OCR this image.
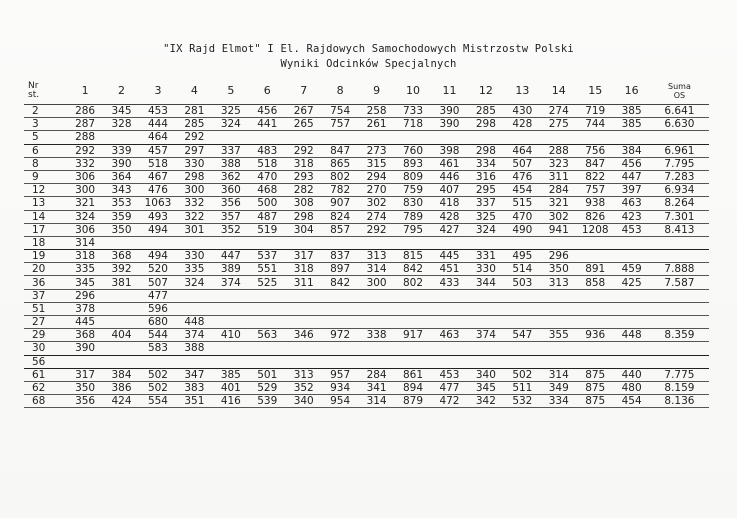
"IX Rajd Elmot" I El. Rajdowych Samochodowych Mistrzostw Polski
Wyniki Odcinków Specjalnych
Nr
st.	1	2	3	4	5	6	7	8	9	10	11	12	13	14	15	16	Suma
OS
2	286	345	453	281	325	456	267	754	258	733	390	285	430	274	719	385	6.641
3	287	328	444	285	324	441	265	757	261	718	390	298	428	275	744	385	6.630
5	288		464	292													
6	292	339	457	297	337	483	292	847	273	760	398	298	464	288	756	384	6.961
8	332	390	518	330	388	518	318	865	315	893	461	334	507	323	847	456	7.795
9	306	364	467	298	362	470	293	802	294	809	446	316	476	311	822	447	7.283
12	300	343	476	300	360	468	282	782	270	759	407	295	454	284	757	397	6.934
13	321	353	1063	332	356	500	308	907	302	830	418	337	515	321	938	463	8.264
14	324	359	493	322	357	487	298	824	274	789	428	325	470	302	826	423	7.301
17	306	350	494	301	352	519	304	857	292	795	427	324	490	941	1208	453	8.413
18	314																
19	318	368	494	330	447	537	317	837	313	815	445	331	495	296			
20	335	392	520	335	389	551	318	897	314	842	451	330	514	350	891	459	7.888
36	345	381	507	324	374	525	311	842	300	802	433	344	503	313	858	425	7.587
37	296		477														
51	378		596														
27	445		680	448													
29	368	404	544	374	410	563	346	972	338	917	463	374	547	355	936	448	8.359
30	390		583	388													
56																	
61	317	384	502	347	385	501	313	957	284	861	453	340	502	314	875	440	7.775
62	350	386	502	383	401	529	352	934	341	894	477	345	511	349	875	480	8.159
68	356	424	554	351	416	539	340	954	314	879	472	342	532	334	875	454	8.136
